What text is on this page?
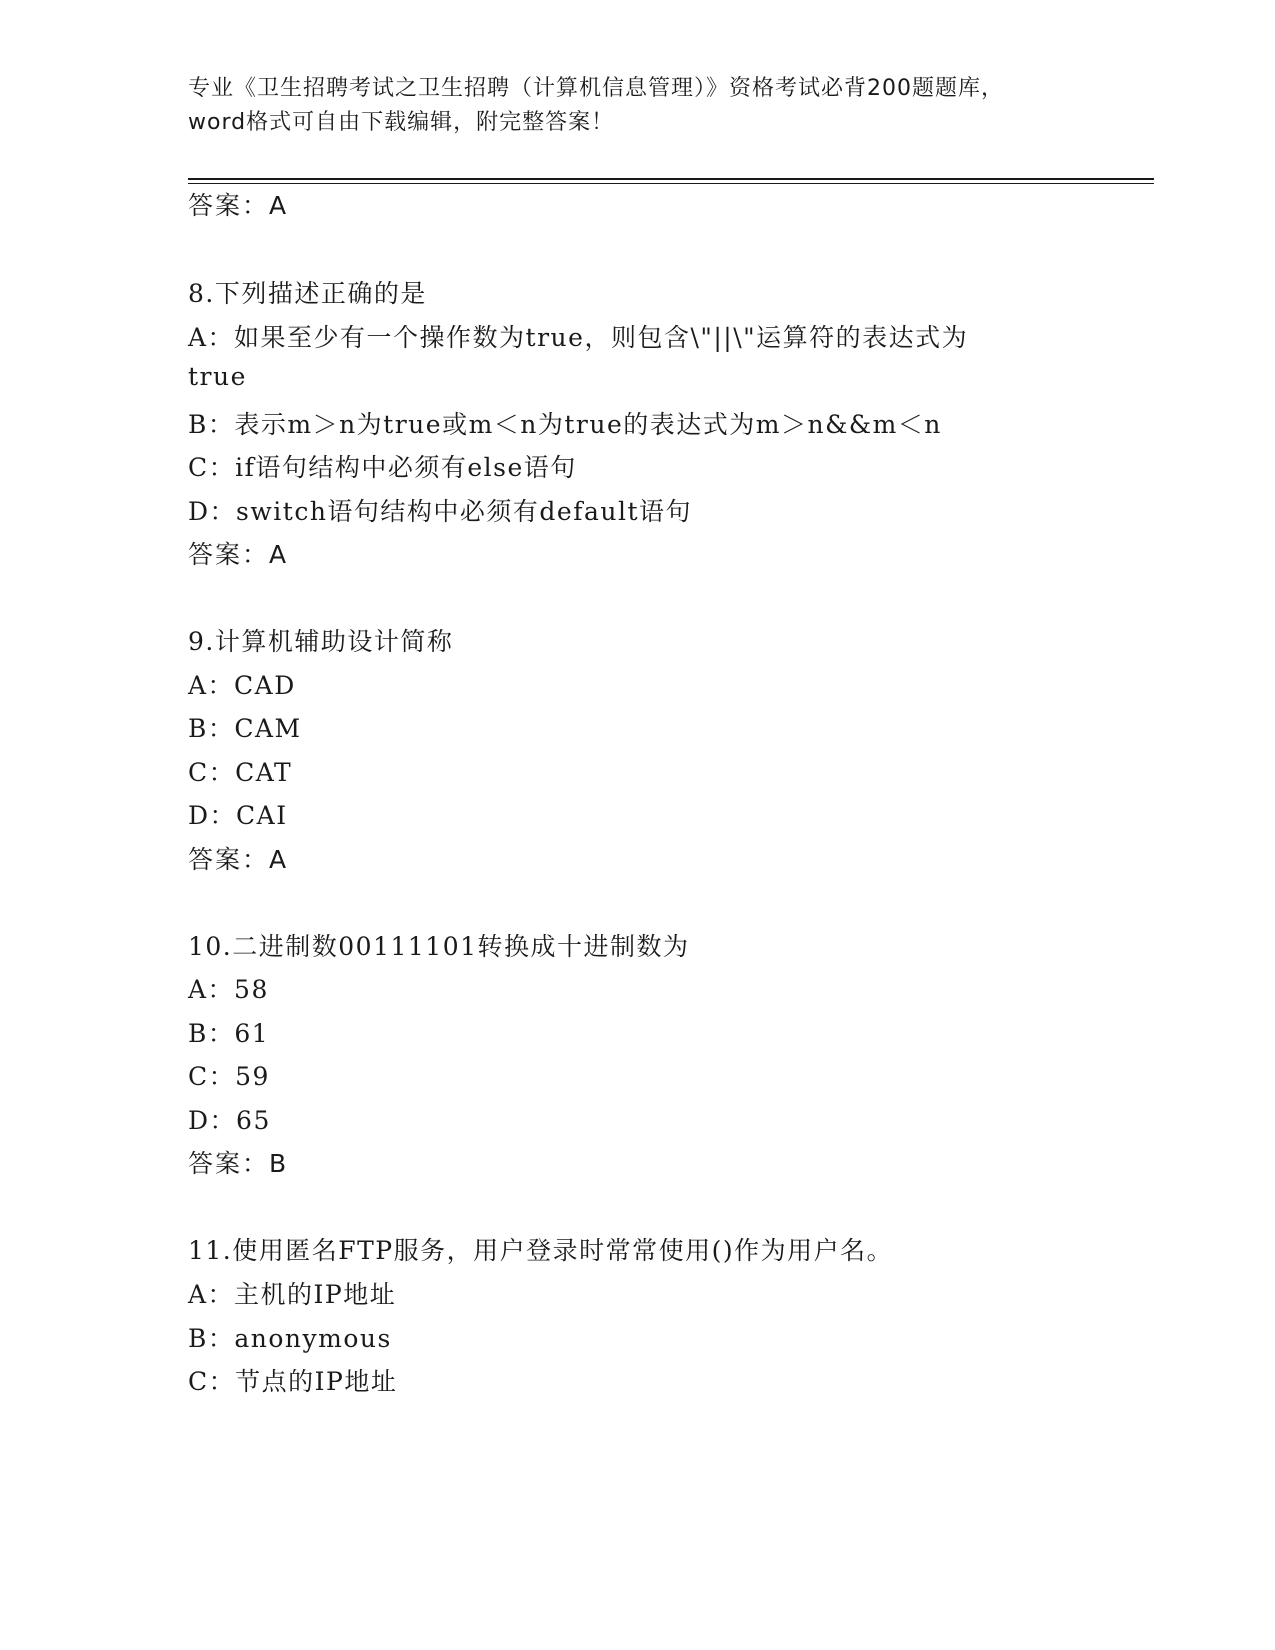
专业《卫生招聘考试之卫生招聘（计算机信息管理）》资格考试必背200题题库，
word格式可自由下载编辑，附完整答案！
答案：A
8.下列描述正确的是
A：如果至少有一个操作数为true，则包含\"||\"运算符的表达式为
true
B：表示m＞n为true或m＜n为true的表达式为m＞n&&m＜n
C：if语句结构中必须有else语句
D：switch语句结构中必须有default语句
答案：A
9.计算机辅助设计简称
A：CAD
B：CAM
C：CAT
D：CAI
答案：A
10.二进制数00111101转换成十进制数为
A：58
B：61
C：59
D：65
答案：B
11.使用匿名FTP服务，用户登录时常常使用()作为用户名。
A：主机的IP地址
B：anonymous
C：节点的IP地址
